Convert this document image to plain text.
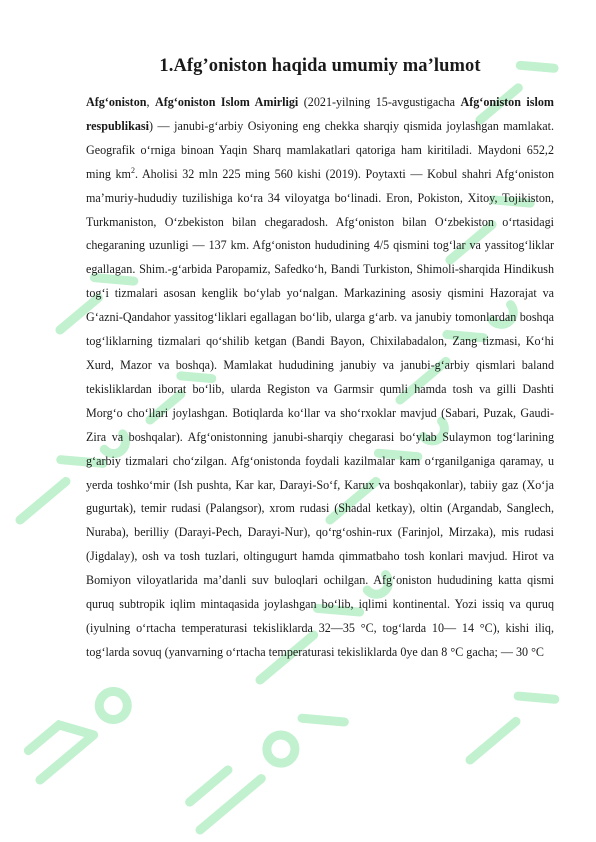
1.Afg’oniston haqida umumiy ma’lumot

Afg‘oniston, Afg‘oniston Islom Amirligi (2021-yilning 15-avgustigacha Afg‘oniston islom respublikasi) — janubi-g‘arbiy Osiyoning eng chekka sharqiy qismida joylashgan mamlakat. Geografik o‘rniga binoan Yaqin Sharq mamlakatlari qatoriga ham kiritiladi. Maydoni 652,2 ming $km^2$. Aholisi 32 mln 225 ming 560 kishi (2019). Poytaxti — Kobul shahri Afg‘oniston ma’muriy-hududiy tuzilishiga ko‘ra 34 viloyatga bo‘linadi. Eron, Pokiston, Xitoy, Tojikiston, Turkmaniston, O‘zbekiston bilan chegaradosh. Afg‘oniston bilan O‘zbekiston o‘rtasidagi chegaraning uzunligi — 137 km. Afg‘oniston hududining 4/5 qismini tog‘lar va yassitog‘liklar egallagan. Shim.-g‘arbida Paropamiz, Safedko‘h, Bandi Turkiston, Shimoli-sharqida Hindikush tog‘i tizmalari asosan kenglik bo‘ylab yo‘nalgan. Markazining asosiy qismini Hazorajat va G‘azni-Qandahor yassitog‘liklari egallagan bo‘lib, ularga g‘arb. va janubiy tomonlardan boshqa tog‘liklarning tizmalari qo‘shilib ketgan (Bandi Bayon, Chixilabadalon, Zang tizmasi, Ko‘hi Xurd, Mazor va boshqa). Mamlakat hududining janubiy va janubi-g‘arbiy qismlari baland tekisliklardan iborat bo‘lib, ularda Registon va Garmsir qumli hamda tosh va gilli Dashti Morg‘o cho‘llari joylashgan. Botiqlarda ko‘llar va sho‘rxoklar mavjud (Sabari, Puzak, Gaudi-Zira va boshqalar). Afg‘onistonning janubi-sharqiy chegarasi bo‘ylab Sulaymon tog‘larining g‘arbiy tizmalari cho‘zilgan. Afg‘onistonda foydali kazilmalar kam o‘rganilganiga qaramay, u yerda toshko‘mir (Ish pushta, Kar kar, Darayi-So‘f, Karux va boshqakonlar), tabiiy gaz (Xo‘ja gugurtak), temir rudasi (Palangsor), xrom rudasi (Shadal ketkay), oltin (Argandab, Sanglech, Nuraba), berilliy (Darayi-Pech, Darayi-Nur), qo‘rg‘oshin-rux (Farinjol, Mirzaka), mis rudasi (Jigdalay), osh va tosh tuzlari, oltingugurt hamda qimmatbaho tosh konlari mavjud. Hirot va Bomiyon viloyatlarida ma’danli suv buloqlari ochilgan. Afg‘oniston hududining katta qismi quruq subtropik iqlim mintaqasida joylashgan bo‘lib, iqlimi kontinental. Yozi issiq va quruq (iyulning o‘rtacha temperaturasi tekisliklarda 32—35 °C, tog‘larda 10— 14 °C), kishi iliq, tog‘larda sovuq (yanvarning o‘rtacha temperaturasi tekisliklarda 0ye dan 8 °C gacha; — 30 °C
